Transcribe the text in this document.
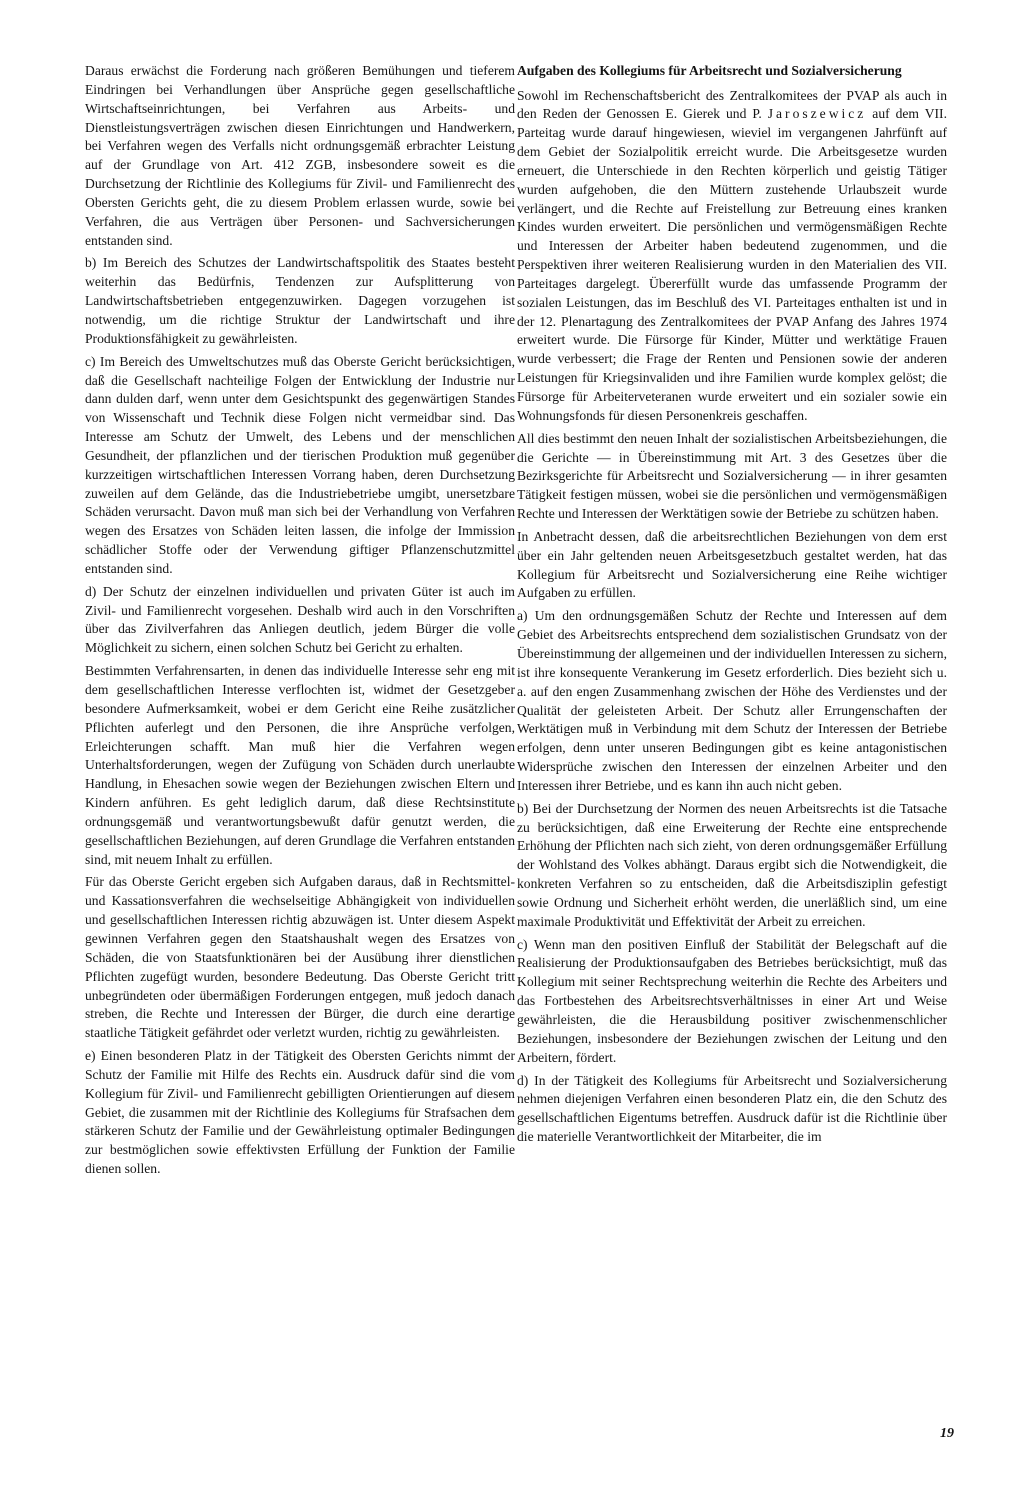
Daraus erwächst die Forderung nach größeren Bemühungen und tieferem Eindringen bei Verhandlungen über Ansprüche gegen gesellschaftliche Wirtschaftseinrichtungen, bei Verfahren aus Arbeits- und Dienstleistungsverträgen zwischen diesen Einrichtungen und Handwerkern, bei Verfahren wegen des Verfalls nicht ordnungsgemäß erbrachter Leistung auf der Grundlage von Art. 412 ZGB, insbesondere soweit es die Durchsetzung der Richtlinie des Kollegiums für Zivil- und Familienrecht des Obersten Gerichts geht, die zu diesem Problem erlassen wurde, sowie bei Verfahren, die aus Verträgen über Personen- und Sachversicherungen entstanden sind.

b) Im Bereich des Schutzes der Landwirtschaftspolitik des Staates besteht weiterhin das Bedürfnis, Tendenzen zur Aufsplitterung von Landwirtschaftsbetrieben entgegenzuwirken. Dagegen vorzugehen ist notwendig, um die richtige Struktur der Landwirtschaft und ihre Produktionsfähigkeit zu gewährleisten.

c) Im Bereich des Umweltschutzes muß das Oberste Gericht berücksichtigen, daß die Gesellschaft nachteilige Folgen der Entwicklung der Industrie nur dann dulden darf, wenn unter dem Gesichtspunkt des gegenwärtigen Standes von Wissenschaft und Technik diese Folgen nicht vermeidbar sind. Das Interesse am Schutz der Umwelt, des Lebens und der menschlichen Gesundheit, der pflanzlichen und der tierischen Produktion muß gegenüber kurzzeitigen wirtschaftlichen Interessen Vorrang haben, deren Durchsetzung zuweilen auf dem Gelände, das die Industriebetriebe umgibt, unersetzbare Schäden verursacht. Davon muß man sich bei der Verhandlung von Verfahren wegen des Ersatzes von Schäden leiten lassen, die infolge der Immission schädlicher Stoffe oder der Verwendung giftiger Pflanzenschutzmittel entstanden sind.

d) Der Schutz der einzelnen individuellen und privaten Güter ist auch im Zivil- und Familienrecht vorgesehen. Deshalb wird auch in den Vorschriften über das Zivilverfahren das Anliegen deutlich, jedem Bürger die volle Möglichkeit zu sichern, einen solchen Schutz bei Gericht zu erhalten.

Bestimmten Verfahrensarten, in denen das individuelle Interesse sehr eng mit dem gesellschaftlichen Interesse verflochten ist, widmet der Gesetzgeber besondere Aufmerksamkeit, wobei er dem Gericht eine Reihe zusätzlicher Pflichten auferlegt und den Personen, die ihre Ansprüche verfolgen, Erleichterungen schafft. Man muß hier die Verfahren wegen Unterhaltsforderungen, wegen der Zufügung von Schäden durch unerlaubte Handlung, in Ehesachen sowie wegen der Beziehungen zwischen Eltern und Kindern anführen. Es geht lediglich darum, daß diese Rechtsinstitute ordnungsgemäß und verantwortungsbewußt dafür genutzt werden, die gesellschaftlichen Beziehungen, auf deren Grundlage die Verfahren entstanden sind, mit neuem Inhalt zu erfüllen.

Für das Oberste Gericht ergeben sich Aufgaben daraus, daß in Rechtsmittel- und Kassationsverfahren die wechselseitige Abhängigkeit von individuellen und gesellschaftlichen Interessen richtig abzuwägen ist. Unter diesem Aspekt gewinnen Verfahren gegen den Staatshaushalt wegen des Ersatzes von Schäden, die von Staatsfunktionären bei der Ausübung ihrer dienstlichen Pflichten zugefügt wurden, besondere Bedeutung. Das Oberste Gericht tritt unbegründeten oder übermäßigen Forderungen entgegen, muß jedoch danach streben, die Rechte und Interessen der Bürger, die durch eine derartige staatliche Tätigkeit gefährdet oder verletzt wurden, richtig zu gewährleisten.

e) Einen besonderen Platz in der Tätigkeit des Obersten Gerichts nimmt der Schutz der Familie mit Hilfe des Rechts ein. Ausdruck dafür sind die vom Kollegium für Zivil- und Familienrecht gebilligten Orientierungen auf diesem Gebiet, die zusammen mit der Richtlinie des Kollegiums für Strafsachen dem stärkeren Schutz der Familie und der Gewährleistung optimaler Bedingungen zur bestmöglichen sowie effektivsten Erfüllung der Funktion der Familie dienen sollen.

Aufgaben des Kollegiums für Arbeitsrecht und Sozialversicherung

Sowohl im Rechenschaftsbericht des Zentralkomitees der PVAP als auch in den Reden der Genossen E. Gierek und P. Jaroszewicz auf dem VII. Parteitag wurde darauf hingewiesen, wieviel im vergangenen Jahrfünft auf dem Gebiet der Sozialpolitik erreicht wurde. Die Arbeitsgesetze wurden erneuert, die Unterschiede in den Rechten körperlich und geistig Tätiger wurden aufgehoben, die den Müttern zustehende Urlaubszeit wurde verlängert, und die Rechte auf Freistellung zur Betreuung eines kranken Kindes wurden erweitert. Die persönlichen und vermögensmäßigen Rechte und Interessen der Arbeiter haben bedeutend zugenommen, und die Perspektiven ihrer weiteren Realisierung wurden in den Materialien des VII. Parteitages dargelegt. Übererfüllt wurde das umfassende Programm der sozialen Leistungen, das im Beschluß des VI. Parteitages enthalten ist und in der 12. Plenartagung des Zentralkomitees der PVAP Anfang des Jahres 1974 erweitert wurde. Die Fürsorge für Kinder, Mütter und werktätige Frauen wurde verbessert; die Frage der Renten und Pensionen sowie der anderen Leistungen für Kriegsinvaliden und ihre Familien wurde komplex gelöst; die Fürsorge für Arbeiterveteranen wurde erweitert und ein sozialer sowie ein Wohnungsfonds für diesen Personenkreis geschaffen.

All dies bestimmt den neuen Inhalt der sozialistischen Arbeitsbeziehungen, die die Gerichte — in Übereinstimmung mit Art. 3 des Gesetzes über die Bezirksgerichte für Arbeitsrecht und Sozialversicherung — in ihrer gesamten Tätigkeit festigen müssen, wobei sie die persönlichen und vermögensmäßigen Rechte und Interessen der Werktätigen sowie der Betriebe zu schützen haben.

In Anbetracht dessen, daß die arbeitsrechtlichen Beziehungen von dem erst über ein Jahr geltenden neuen Arbeitsgesetzbuch gestaltet werden, hat das Kollegium für Arbeitsrecht und Sozialversicherung eine Reihe wichtiger Aufgaben zu erfüllen.

a) Um den ordnungsgemäßen Schutz der Rechte und Interessen auf dem Gebiet des Arbeitsrechts entsprechend dem sozialistischen Grundsatz von der Übereinstimmung der allgemeinen und der individuellen Interessen zu sichern, ist ihre konsequente Verankerung im Gesetz erforderlich. Dies bezieht sich u. a. auf den engen Zusammenhang zwischen der Höhe des Verdienstes und der Qualität der geleisteten Arbeit. Der Schutz aller Errungenschaften der Werktätigen muß in Verbindung mit dem Schutz der Interessen der Betriebe erfolgen, denn unter unseren Bedingungen gibt es keine antagonistischen Widersprüche zwischen den Interessen der einzelnen Arbeiter und den Interessen ihrer Betriebe, und es kann ihn auch nicht geben.

b) Bei der Durchsetzung der Normen des neuen Arbeitsrechts ist die Tatsache zu berücksichtigen, daß eine Erweiterung der Rechte eine entsprechende Erhöhung der Pflichten nach sich zieht, von deren ordnungsgemäßer Erfüllung der Wohlstand des Volkes abhängt. Daraus ergibt sich die Notwendigkeit, die konkreten Verfahren so zu entscheiden, daß die Arbeitsdisziplin gefestigt sowie Ordnung und Sicherheit erhöht werden, die unerläßlich sind, um eine maximale Produktivität und Effektivität der Arbeit zu erreichen.

c) Wenn man den positiven Einfluß der Stabilität der Belegschaft auf die Realisierung der Produktionsaufgaben des Betriebes berücksichtigt, muß das Kollegium mit seiner Rechtsprechung weiterhin die Rechte des Arbeiters und das Fortbestehen des Arbeitsrechtsverhältnisses in einer Art und Weise gewährleisten, die die Herausbildung positiver zwischenmenschlicher Beziehungen, insbesondere der Beziehungen zwischen der Leitung und den Arbeitern, fördert.

d) In der Tätigkeit des Kollegiums für Arbeitsrecht und Sozialversicherung nehmen diejenigen Verfahren einen besonderen Platz ein, die den Schutz des gesellschaftlichen Eigentums betreffen. Ausdruck dafür ist die Richtlinie über die materielle Verantwortlichkeit der Mitarbeiter, die im

19
